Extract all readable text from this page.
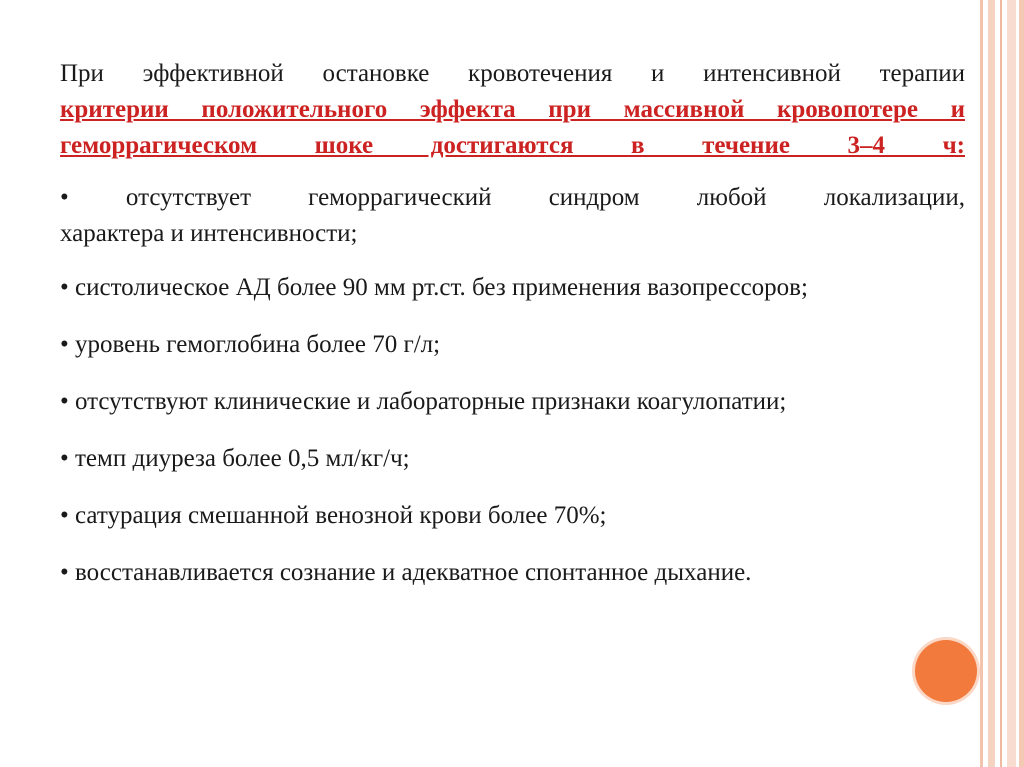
При эффективной остановке кровотечения и интенсивной терапии
критерии положительного эффекта при массивной кровопотере и геморрагическом шоке достигаются в течение 3–4 ч:

• отсутствует геморрагический синдром любой локализации,
характера и интенсивности;

• систолическое АД более 90 мм рт.ст. без применения вазопрессоров;

• уровень гемоглобина более 70 г/л;

• отсутствуют клинические и лабораторные признаки коагулопатии;

• темп диуреза более 0,5 мл/кг/ч;

• сатурация смешанной венозной крови более 70%;

• восстанавливается сознание и адекватное спонтанное дыхание.
